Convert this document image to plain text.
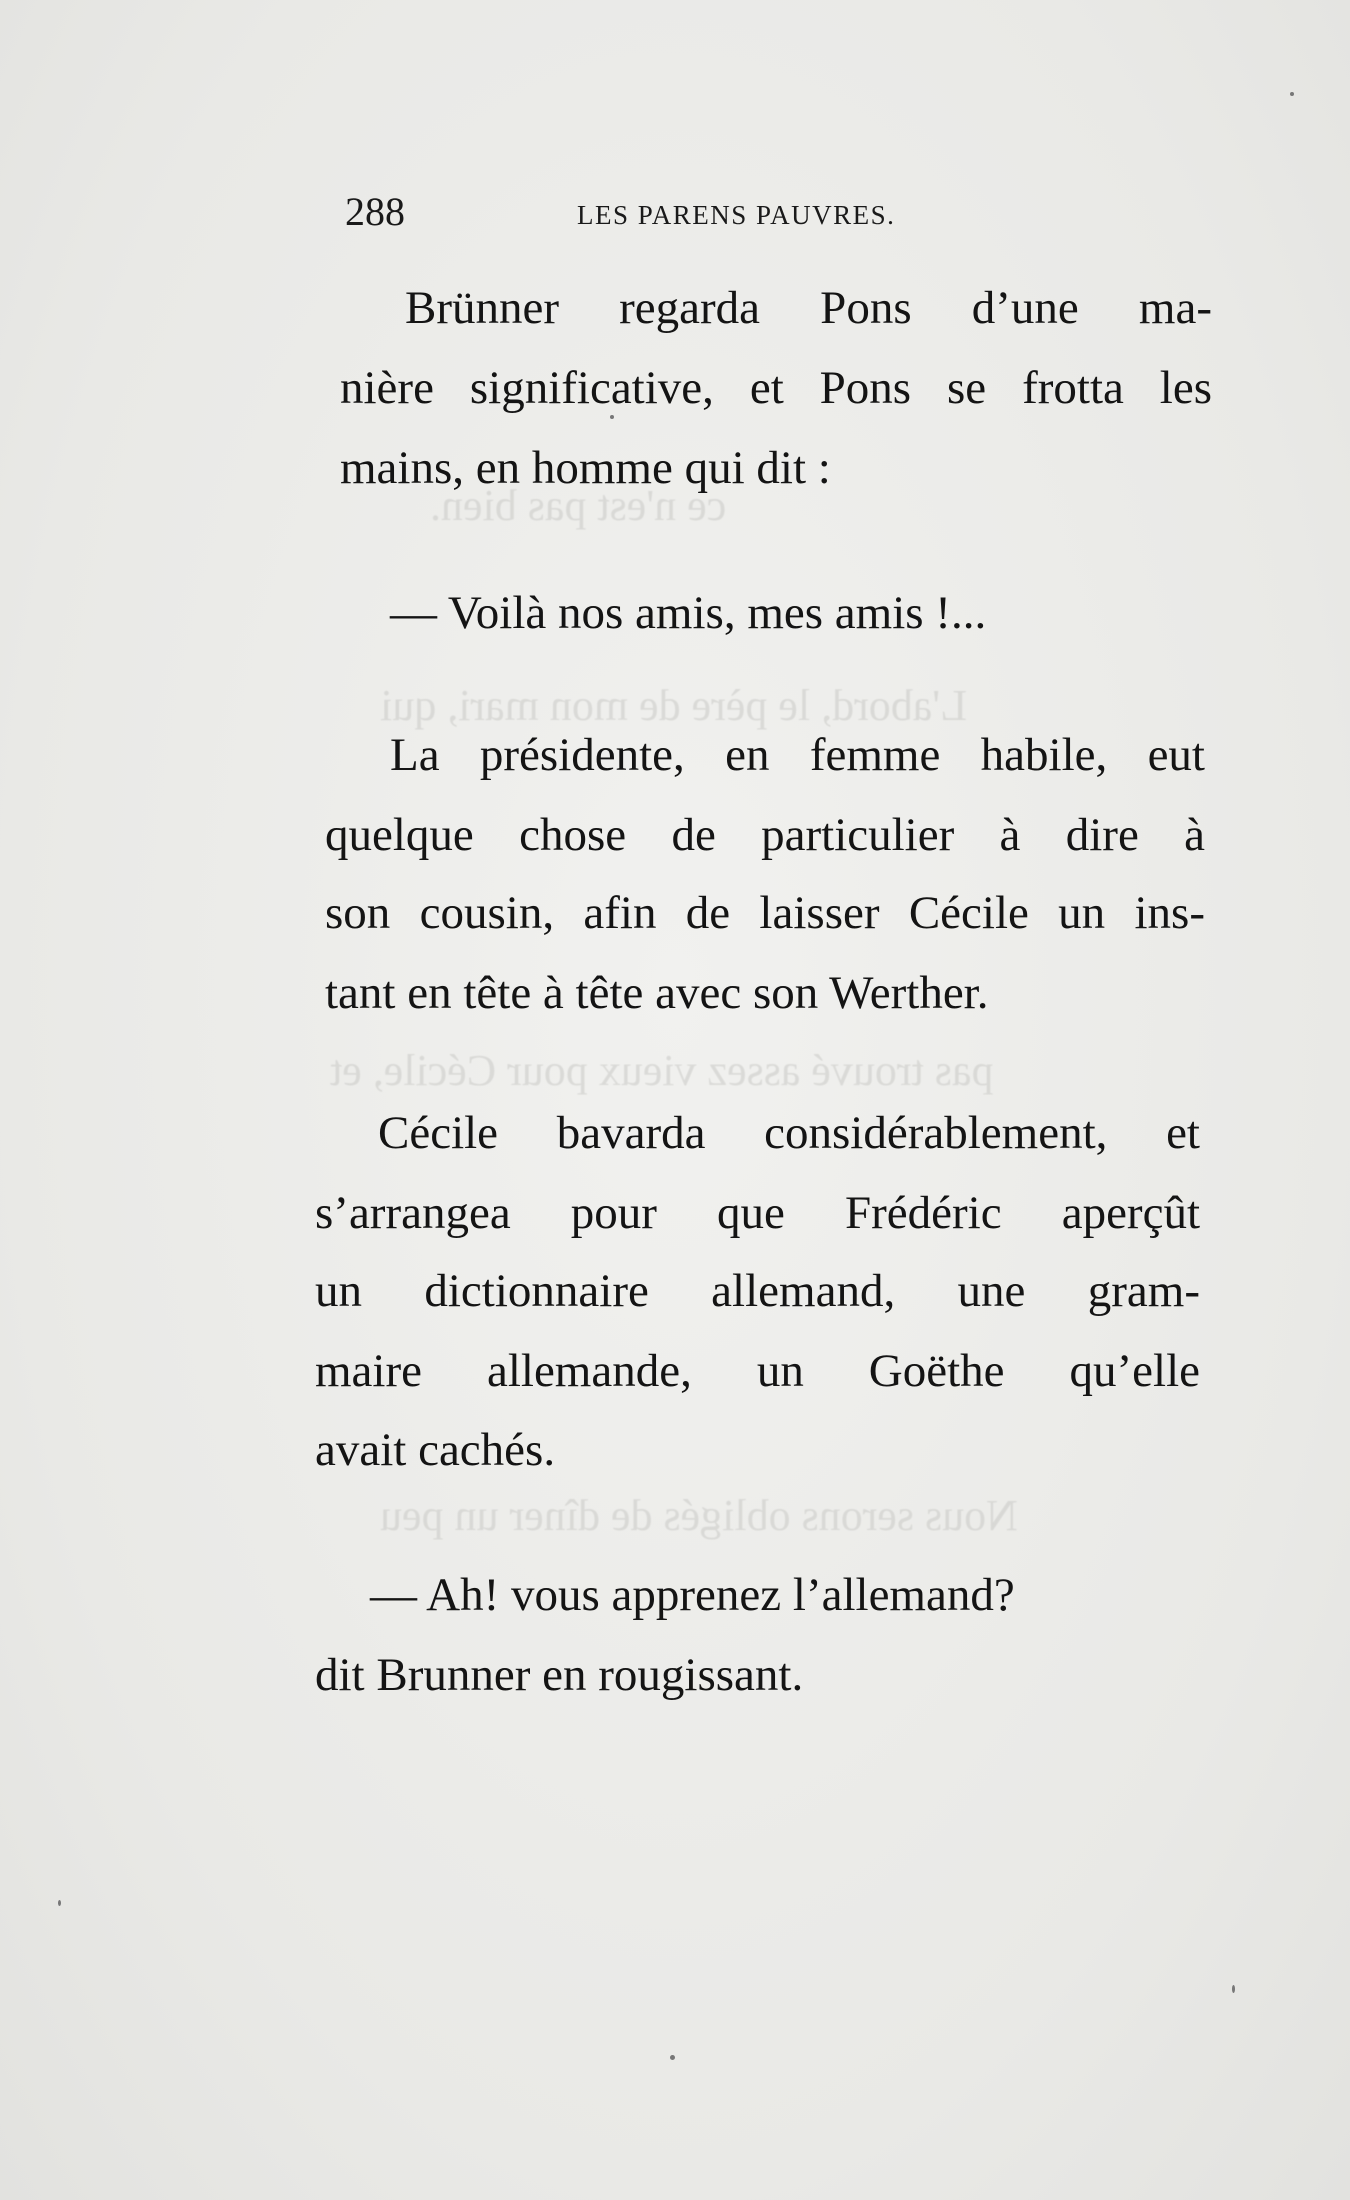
ce n'est pas bien.
L'abord, le père de mon mari, qui
pas trouvé assez vieux pour Cécile, et
Nous serons obligés de dîner un peu
288	LES PARENS PAUVRES.
Brünner regarda Pons d’une ma-
nière significative, et Pons se frotta les
mains, en homme qui dit :
— Voilà nos amis, mes amis !...
La présidente, en femme habile, eut
quelque chose de particulier à dire à
son cousin, afin de laisser Cécile un ins-
tant en tête à tête avec son Werther.
Cécile bavarda considérablement, et
s’arrangea pour que Frédéric aperçût
un dictionnaire allemand, une gram-
maire allemande, un Goëthe qu’elle
avait cachés.
— Ah! vous apprenez l’allemand?
dit Brunner en rougissant.
